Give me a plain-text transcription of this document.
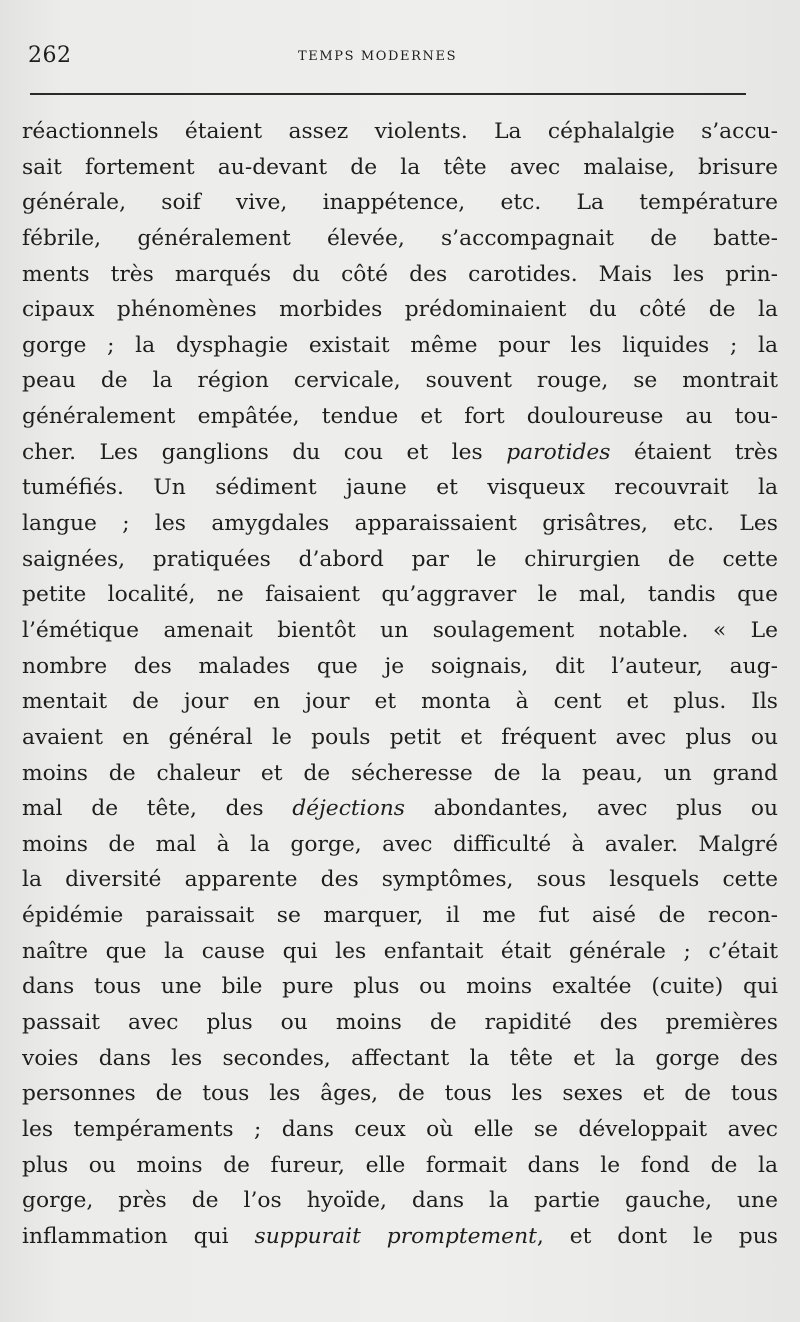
262	TEMPS MODERNES
réactionnels étaient assez violents. La céphalalgie s’accu-
sait fortement au-devant de la tête avec malaise, brisure
générale, soif vive, inappétence, etc. La température
fébrile, généralement élevée, s’accompagnait de batte-
ments très marqués du côté des carotides. Mais les prin-
cipaux phénomènes morbides prédominaient du côté de la
gorge ; la dysphagie existait même pour les liquides ; la
peau de la région cervicale, souvent rouge, se montrait
généralement empâtée, tendue et fort douloureuse au tou-
cher. Les ganglions du cou et les parotides étaient très
tuméfiés. Un sédiment jaune et visqueux recouvrait la
langue ; les amygdales apparaissaient grisâtres, etc. Les
saignées, pratiquées d’abord par le chirurgien de cette
petite localité, ne faisaient qu’aggraver le mal, tandis que
l’émétique amenait bientôt un soulagement notable. « Le
nombre des malades que je soignais, dit l’auteur, aug-
mentait de jour en jour et monta à cent et plus. Ils
avaient en général le pouls petit et fréquent avec plus ou
moins de chaleur et de sécheresse de la peau, un grand
mal de tête, des déjections abondantes, avec plus ou
moins de mal à la gorge, avec difficulté à avaler. Malgré
la diversité apparente des symptômes, sous lesquels cette
épidémie paraissait se marquer, il me fut aisé de recon-
naître que la cause qui les enfantait était générale ; c’était
dans tous une bile pure plus ou moins exaltée (cuite) qui
passait avec plus ou moins de rapidité des premières
voies dans les secondes, affectant la tête et la gorge des
personnes de tous les âges, de tous les sexes et de tous
les tempéraments ; dans ceux où elle se développait avec
plus ou moins de fureur, elle formait dans le fond de la
gorge, près de l’os hyoïde, dans la partie gauche, une
inflammation qui suppurait promptement, et dont le pus
